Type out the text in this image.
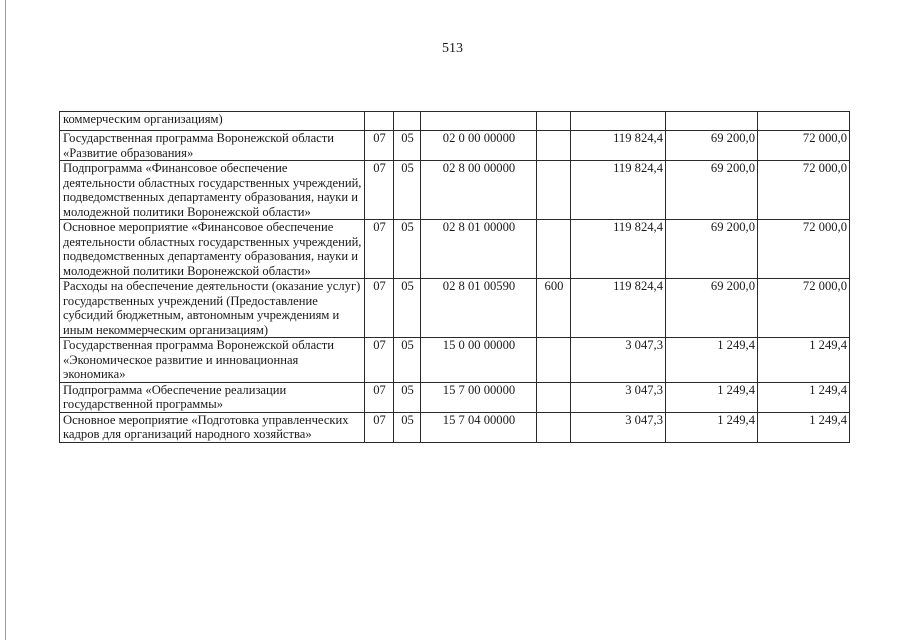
513
коммерческим организациям)							
Государственная программа Воронежской области «Развитие образования»	07	05	02 0 00 00000		119 824,4	69 200,0	72 000,0
Подпрограмма «Финансовое обеспечение деятельности областных государственных учреждений, подведомственных департаменту образования, науки и молодежной политики Воронежской области»	07	05	02 8 00 00000		119 824,4	69 200,0	72 000,0
Основное мероприятие «Финансовое обеспечение деятельности областных государственных учреждений, подведомственных департаменту образования, науки и молодежной политики Воронежской области»	07	05	02 8 01 00000		119 824,4	69 200,0	72 000,0
Расходы на обеспечение деятельности (оказание услуг) государственных учреждений (Предоставление субсидий бюджетным, автономным учреждениям и иным некоммерческим организациям)	07	05	02 8 01 00590	600	119 824,4	69 200,0	72 000,0
Государственная программа Воронежской области «Экономическое развитие и инновационная экономика»	07	05	15 0 00 00000		3 047,3	1 249,4	1 249,4
Подпрограмма «Обеспечение реализации государственной программы»	07	05	15 7 00 00000		3 047,3	1 249,4	1 249,4
Основное мероприятие «Подготовка управленческих кадров для организаций народного хозяйства»	07	05	15 7 04 00000		3 047,3	1 249,4	1 249,4
